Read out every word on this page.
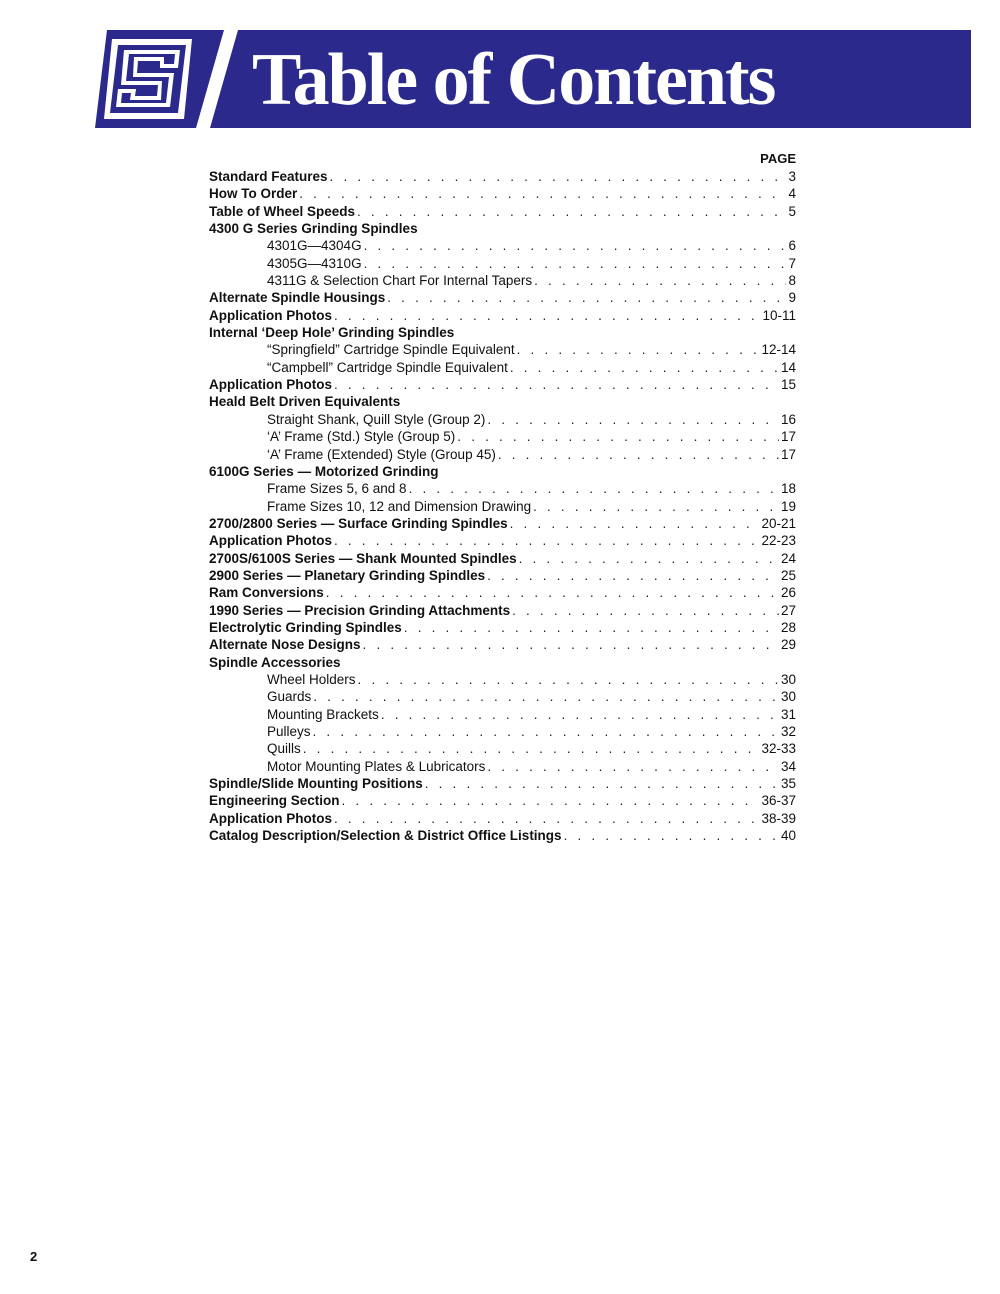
Table of Contents
PAGE
Standard Features . . .	3
How To Order . . .	4
Table of Wheel Speeds . . .	5
4300 G Series Grinding Spindles
4301G—4304G . . .	6
4305G—4310G . . .	7
4311G & Selection Chart For Internal Tapers . . .	8
Alternate Spindle Housings . . .	9
Application Photos . . .	10-11
Internal ‘Deep Hole’ Grinding Spindles
“Springfield” Cartridge Spindle Equivalent . . .	12-14
“Campbell” Cartridge Spindle Equivalent . . .	14
Application Photos . . .	15
Heald Belt Driven Equivalents
Straight Shank, Quill Style (Group 2) . . .	16
‘A’ Frame (Std.) Style (Group 5) . . .	17
‘A’ Frame (Extended) Style (Group 45) . . .	17
6100G Series — Motorized Grinding
Frame Sizes 5, 6 and 8 . . .	18
Frame Sizes 10, 12 and Dimension Drawing . . .	19
2700/2800 Series — Surface Grinding Spindles . . .	20-21
Application Photos . . .	22-23
2700S/6100S Series — Shank Mounted Spindles . . .	24
2900 Series — Planetary Grinding Spindles . . .	25
Ram Conversions . . .	26
1990 Series — Precision Grinding Attachments . . .	27
Electrolytic Grinding Spindles . . .	28
Alternate Nose Designs . . .	29
Spindle Accessories
Wheel Holders . . .	30
Guards . . .	30
Mounting Brackets . . .	31
Pulleys . . .	32
Quills . . .	32-33
Motor Mounting Plates & Lubricators . . .	34
Spindle/Slide Mounting Positions . . .	35
Engineering Section . . .	36-37
Application Photos . . .	38-39
Catalog Description/Selection & District Office Listings . . .	40
2
